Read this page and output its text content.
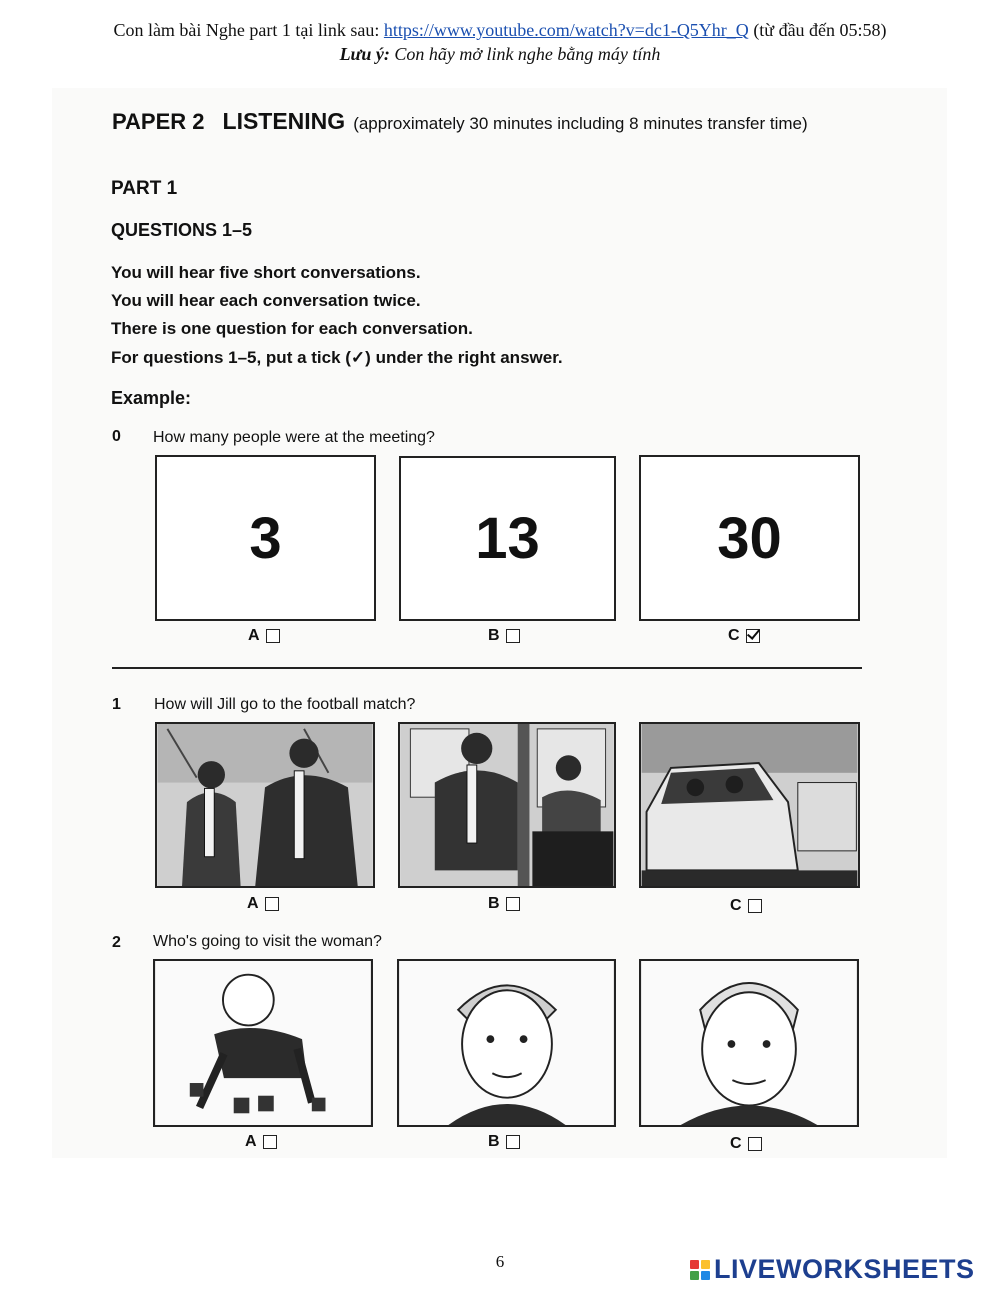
Con làm bài Nghe part 1 tại link sau: https://www.youtube.com/watch?v=dc1-Q5Yhr_Q (từ đầu đến 05:58)
Lưu ý: Con hãy mở link nghe bằng máy tính
PAPER 2 LISTENING (approximately 30 minutes including 8 minutes transfer time)
PART 1
QUESTIONS 1–5
You will hear five short conversations.
You will hear each conversation twice.
There is one question for each conversation.
For questions 1–5, put a tick (✓) under the right answer.
Example:
0 How many people were at the meeting?
3	13	30
A	B	C
1 How will Jill go to the football match?
A	B	C
2 Who's going to visit the woman?
A	B	C
6	LIVEWORKSHEETS
